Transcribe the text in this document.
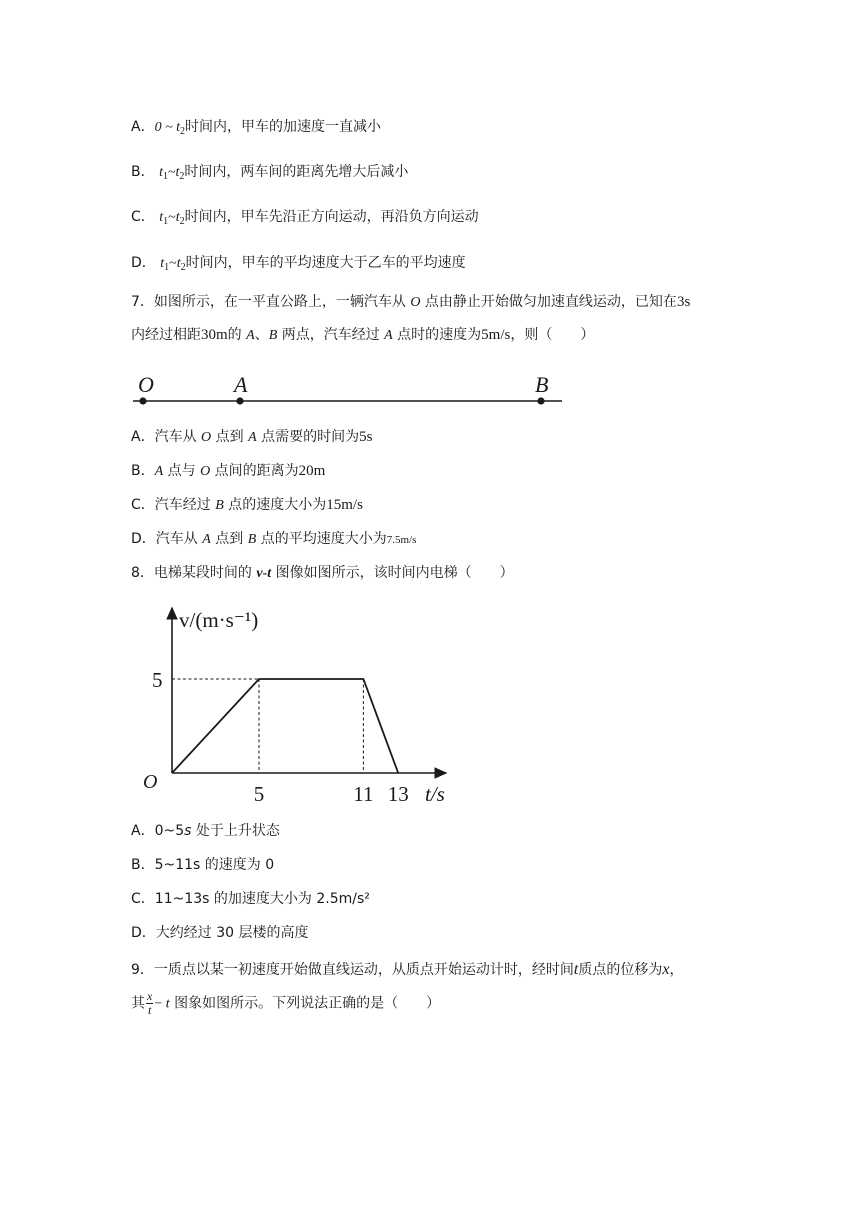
A．0 ~ $t_2$时间内，甲车的加速度一直减小
B． $t_1\sim t_2$时间内，两车间的距离先增大后减小
C． $t_1\sim t_2$时间内，甲车先沿正方向运动，再沿负方向运动
D． $t_1\sim t_2$时间内，甲车的平均速度大于乙车的平均速度
7．如图所示，在一平直公路上，一辆汽车从 O 点由静止开始做匀加速直线运动，已知在3s
内经过相距30m的 A、B 两点，汽车经过 A 点时的速度为5m/s，则（　　）
O	A	B
A．汽车从 O 点到 A 点需要的时间为5s
B．A 点与 O 点间的距离为20m
C．汽车经过 B 点的速度大小为15m/s
D．汽车从 A 点到 B 点的平均速度大小为7.5m/s
8．电梯某段时间的 v-t 图像如图所示，该时间内电梯（　　）
5	11 13
5
O
v/(m·s⁻¹)
t/s
A．0~5s 处于上升状态
B．5~11s 的速度为 0
C．11~13s 的加速度大小为 2.5m/s²
D．大约经过 30 层楼的高度
9．一质点以某一初速度开始做直线运动，从质点开始运动计时，经时间t质点的位移为x，
其 $\frac{x}{t} - t$ 图象如图所示。下列说法正确的是（　　）
